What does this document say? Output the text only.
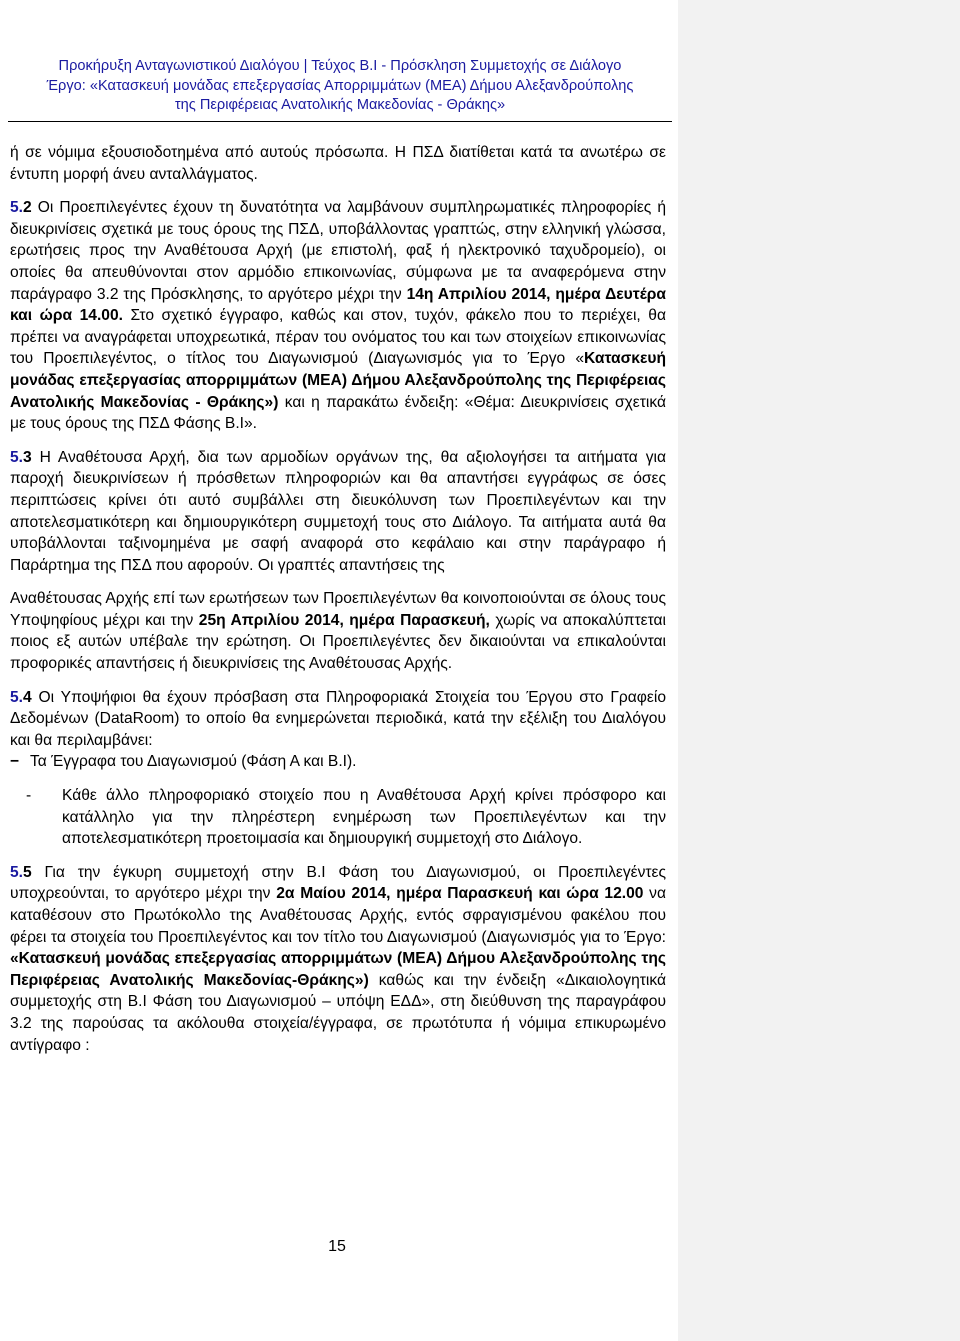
Προκήρυξη Ανταγωνιστικού Διαλόγου | Τεύχος Β.Ι - Πρόσκληση Συμμετοχής σε Διάλογο
Έργο: «Κατασκευή μονάδας επεξεργασίας Απορριμμάτων (ΜΕΑ) Δήμου Αλεξανδρούπολης
της Περιφέρειας Ανατολικής Μακεδονίας - Θράκης»

ή σε νόμιμα εξουσιοδοτημένα από αυτούς πρόσωπα. Η ΠΣΔ διατίθεται κατά τα ανωτέρω σε έντυπη μορφή άνευ ανταλλάγματος.

5.2 Οι Προεπιλεγέντες έχουν τη δυνατότητα να λαμβάνουν συμπληρωματικές πληροφορίες ή διευκρινίσεις σχετικά με τους όρους της ΠΣΔ, υποβάλλοντας γραπτώς, στην ελληνική γλώσσα, ερωτήσεις προς την Αναθέτουσα Αρχή (με επιστολή, φαξ ή ηλεκτρονικό ταχυδρομείο), οι οποίες θα απευθύνονται στον αρμόδιο επικοινωνίας, σύμφωνα με τα αναφερόμενα στην παράγραφο 3.2 της Πρόσκλησης, το αργότερο μέχρι την 14η Απριλίου 2014, ημέρα Δευτέρα και ώρα 14.00. Στο σχετικό έγγραφο, καθώς και στον, τυχόν, φάκελο που το περιέχει, θα πρέπει να αναγράφεται υποχρεωτικά, πέραν του ονόματος του και των στοιχείων επικοινωνίας του Προεπιλεγέντος, ο τίτλος του Διαγωνισμού (Διαγωνισμός για το Έργο «Κατασκευή μονάδας επεξεργασίας απορριμμάτων (ΜΕΑ) Δήμου Αλεξανδρούπολης της Περιφέρειας Ανατολικής Μακεδονίας - Θράκης») και η παρακάτω ένδειξη: «Θέμα: Διευκρινίσεις σχετικά με τους όρους της ΠΣΔ Φάσης Β.Ι».

5.3 Η Αναθέτουσα Αρχή, δια των αρμοδίων οργάνων της, θα αξιολογήσει τα αιτήματα για παροχή διευκρινίσεων ή πρόσθετων πληροφοριών και θα απαντήσει εγγράφως σε όσες περιπτώσεις κρίνει ότι αυτό συμβάλλει στη διευκόλυνση των Προεπιλεγέντων και την αποτελεσματικότερη και δημιουργικότερη συμμετοχή τους στο Διάλογο. Τα αιτήματα αυτά θα υποβάλλονται ταξινομημένα με σαφή αναφορά στο κεφάλαιο και στην παράγραφο ή Παράρτημα της ΠΣΔ που αφορούν. Οι γραπτές απαντήσεις της

Αναθέτουσας Αρχής επί των ερωτήσεων των Προεπιλεγέντων θα κοινοποιούνται σε όλους τους Υποψηφίους μέχρι και την 25η Απριλίου 2014, ημέρα Παρασκευή, χωρίς να αποκαλύπτεται ποιος εξ αυτών υπέβαλε την ερώτηση. Οι Προεπιλεγέντες δεν δικαιούνται να επικαλούνται προφορικές απαντήσεις ή διευκρινίσεις της Αναθέτουσας Αρχής.

5.4 Οι Υποψήφιοι θα έχουν πρόσβαση στα Πληροφοριακά Στοιχεία του Έργου στο Γραφείο Δεδομένων (DataRoom) το οποίο θα ενημερώνεται περιοδικά, κατά την εξέλιξη του Διαλόγου και θα περιλαμβάνει:

− Τα Έγγραφα του Διαγωνισμού (Φάση Α και Β.Ι).
-	Κάθε άλλο πληροφοριακό στοιχείο που η Αναθέτουσα Αρχή κρίνει πρόσφορο και κατάλληλο για την πληρέστερη ενημέρωση των Προεπιλεγέντων και την αποτελεσματικότερη προετοιμασία και δημιουργική συμμετοχή στο Διάλογο.

5.5 Για την έγκυρη συμμετοχή στην Β.Ι Φάση του Διαγωνισμού, οι Προεπιλεγέντες υποχρεούνται, το αργότερο μέχρι την 2α Μαίου 2014, ημέρα Παρασκευή και ώρα 12.00 να καταθέσουν στο Πρωτόκολλο της Αναθέτουσας Αρχής, εντός σφραγισμένου φακέλου που φέρει τα στοιχεία του Προεπιλεγέντος και τον τίτλο του Διαγωνισμού (Διαγωνισμός για το Έργο: «Κατασκευή μονάδας επεξεργασίας απορριμμάτων (ΜΕΑ) Δήμου Αλεξανδρούπολης της Περιφέρειας Ανατολικής Μακεδονίας-Θράκης») καθώς και την ένδειξη «Δικαιολογητικά συμμετοχής στη Β.Ι Φάση του Διαγωνισμού – υπόψη ΕΔΔ», στη διεύθυνση της παραγράφου 3.2 της παρούσας τα ακόλουθα στοιχεία/έγγραφα, σε πρωτότυπα ή νόμιμα επικυρωμένο αντίγραφο :

15
